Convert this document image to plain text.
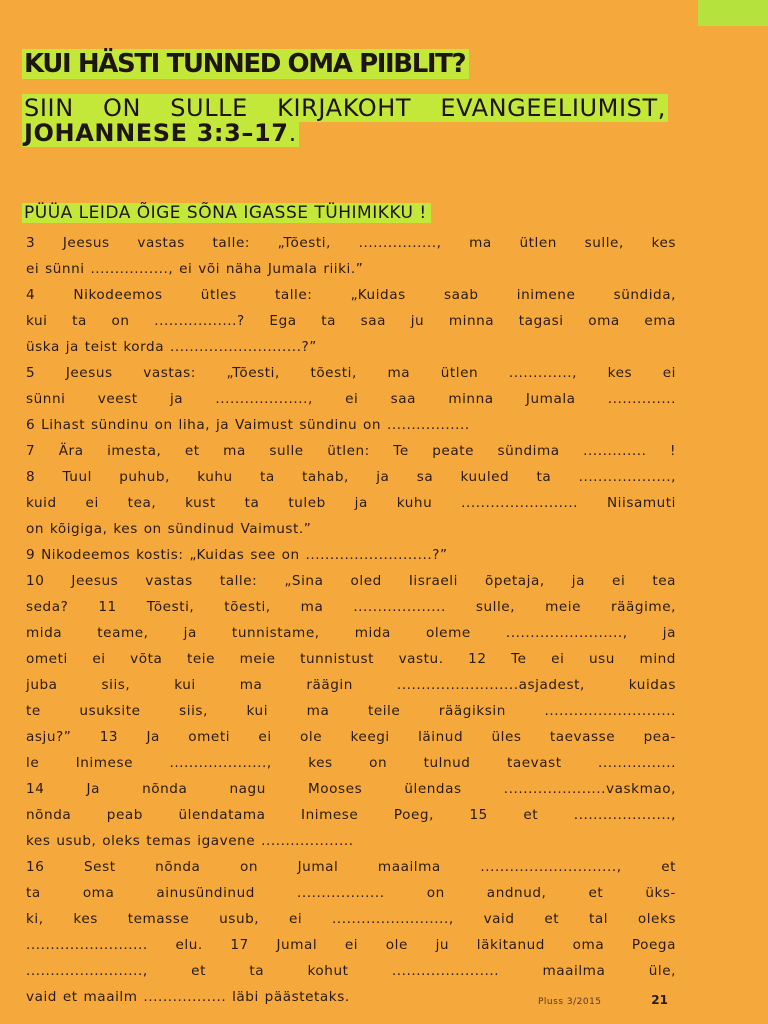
KUI HÄSTI TUNNED OMA PIIBLIT?

SIIN ON SULLE KIRJAKOHT EVANGEELIUMIST, JOHANNESE 3:3–17.

PÜÜA LEIDA ÕIGE SÕNA IGASSE TÜHIMIKKU !

3 Jeesus vastas talle: „Tõesti, ................, ma ütlen sulle, kes
ei sünni ................, ei või näha Jumala riiki.”
4 Nikodeemos ütles talle: „Kuidas saab inimene sündida,
kui ta on .................? Ega ta saa ju minna tagasi oma ema
üska ja teist korda ...........................?”
5 Jeesus vastas: „Tõesti, tõesti, ma ütlen ............., kes ei
sünni veest ja ..................., ei saa minna Jumala ..............
6 Lihast sündinu on liha, ja Vaimust sündinu on .................
7 Ära imesta, et ma sulle ütlen: Te peate sündima ............. !
8 Tuul puhub, kuhu ta tahab, ja sa kuuled ta ...................,
kuid ei tea, kust ta tuleb ja kuhu ........................ Niisamuti
on kõigiga, kes on sündinud Vaimust.”
9 Nikodeemos kostis: „Kuidas see on ..........................?”
10 Jeesus vastas talle: „Sina oled Iisraeli õpetaja, ja ei tea
seda? 11 Tõesti, tõesti, ma ................... sulle, meie räägime,
mida teame, ja tunnistame, mida oleme ........................, ja
ometi ei võta teie meie tunnistust vastu. 12 Te ei usu mind
juba siis, kui ma räägin .........................asjadest, kuidas
te usuksite siis, kui ma teile räägiksin ...........................
asju?” 13 Ja ometi ei ole keegi läinud üles taevasse pea-
le Inimese ...................., kes on tulnud taevast ................
14 Ja nõnda nagu Mooses ülendas .....................vaskmao,
nõnda peab ülendatama Inimese Poeg, 15 et ....................,
kes usub, oleks temas igavene ...................
16 Sest nõnda on Jumal maailma ............................, et
ta oma ainusündinud .................. on andnud, et üks-
ki, kes temasse usub, ei ........................, vaid et tal oleks
......................... elu. 17 Jumal ei ole ju läkitanud oma Poega
........................, et ta kohut ...................... maailma üle,
vaid et maailm ................. läbi päästetaks.	Pluss 3/2015	21
